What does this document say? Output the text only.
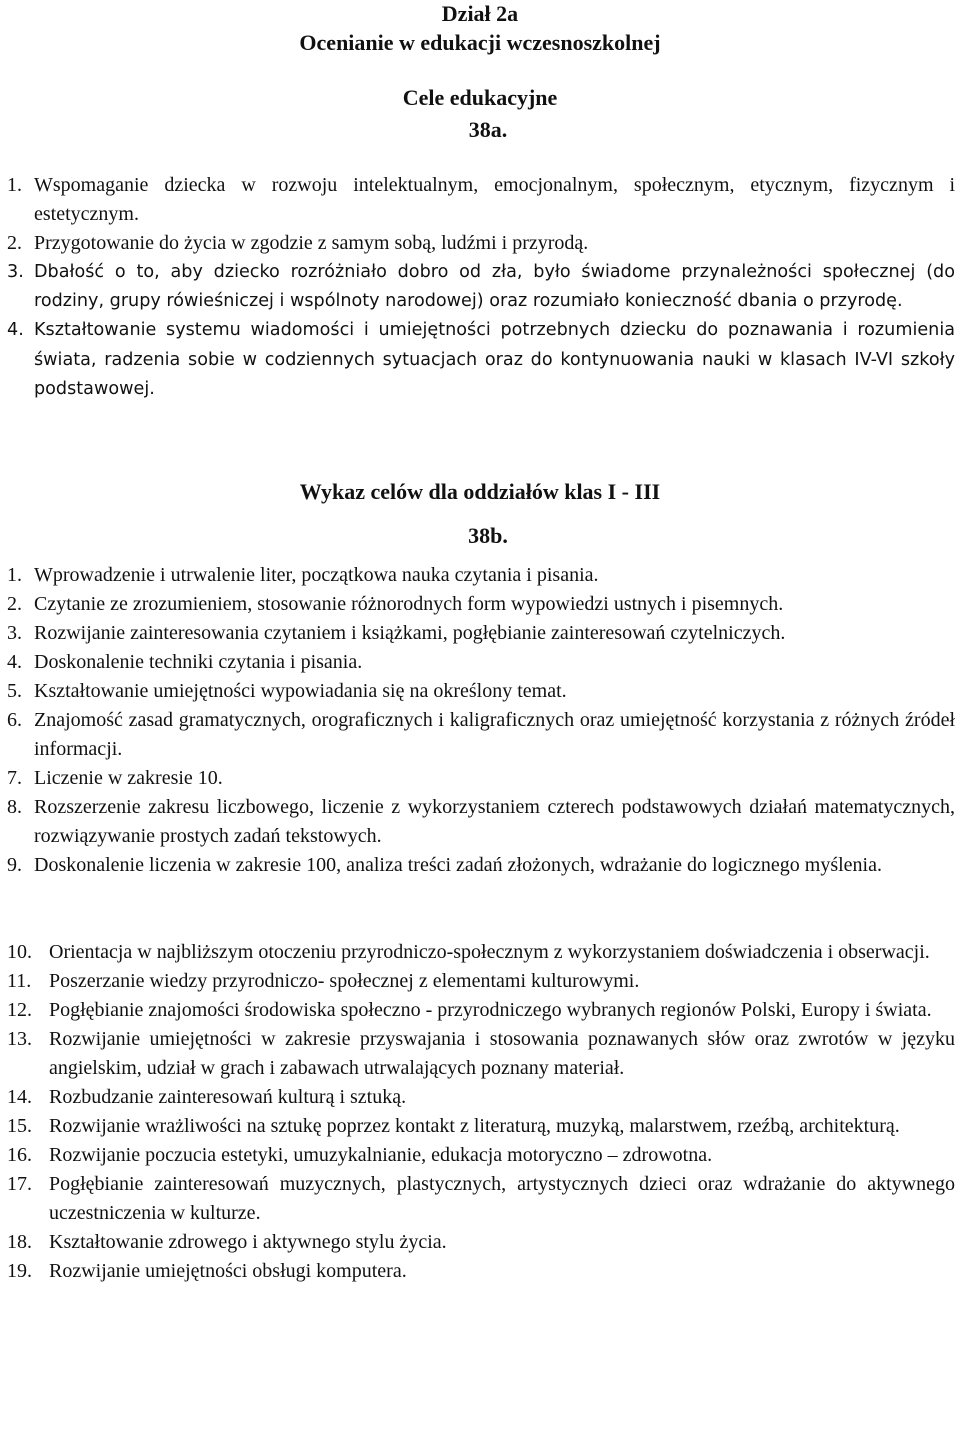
Dział 2a
Ocenianie w edukacji wczesnoszkolnej
Cele edukacyjne
38a.
1. Wspomaganie dziecka w rozwoju intelektualnym, emocjonalnym, społecznym, etycznym, fizycznym i estetycznym.
2. Przygotowanie do życia w zgodzie z samym sobą, ludźmi i przyrodą.
3. Dbałość o to, aby dziecko rozróżniało dobro od zła, było świadome przynależności społecznej (do rodziny, grupy rówieśniczej i wspólnoty narodowej) oraz rozumiało konieczność dbania o przyrodę.
4. Kształtowanie systemu wiadomości i umiejętności potrzebnych dziecku do poznawania i rozumienia świata, radzenia sobie w codziennych sytuacjach oraz do kontynuowania nauki w klasach IV-VI szkoły podstawowej.
Wykaz celów dla oddziałów klas I - III
38b.
1. Wprowadzenie i utrwalenie liter, początkowa nauka czytania i pisania.
2. Czytanie ze zrozumieniem, stosowanie różnorodnych form wypowiedzi ustnych i pisemnych.
3. Rozwijanie zainteresowania czytaniem i książkami, pogłębianie zainteresowań czytelniczych.
4. Doskonalenie techniki czytania i pisania.
5. Kształtowanie umiejętności wypowiadania się na określony temat.
6. Znajomość zasad gramatycznych, orograficznych i kaligraficznych oraz umiejętność korzystania z różnych źródeł informacji.
7. Liczenie w zakresie 10.
8. Rozszerzenie zakresu liczbowego, liczenie z wykorzystaniem czterech podstawowych działań matematycznych, rozwiązywanie prostych zadań tekstowych.
9. Doskonalenie liczenia w zakresie 100, analiza treści zadań złożonych, wdrażanie do logicznego myślenia.
10. Orientacja w najbliższym otoczeniu przyrodniczo-społecznym z wykorzystaniem doświadczenia i obserwacji.
11. Poszerzanie wiedzy przyrodniczo- społecznej z elementami kulturowymi.
12. Pogłębianie znajomości środowiska społeczno - przyrodniczego wybranych regionów Polski, Europy i świata.
13. Rozwijanie umiejętności w zakresie przyswajania i stosowania poznawanych słów oraz zwrotów w języku angielskim, udział w grach i zabawach utrwalających poznany materiał.
14. Rozbudzanie zainteresowań kulturą i sztuką.
15. Rozwijanie wrażliwości na sztukę poprzez kontakt z literaturą, muzyką, malarstwem, rzeźbą, architekturą.
16. Rozwijanie poczucia estetyki, umuzykalnianie, edukacja motoryczno – zdrowotna.
17. Pogłębianie zainteresowań muzycznych, plastycznych, artystycznych dzieci oraz wdrażanie do aktywnego uczestniczenia w kulturze.
18. Kształtowanie zdrowego i aktywnego stylu życia.
19. Rozwijanie umiejętności obsługi komputera.
